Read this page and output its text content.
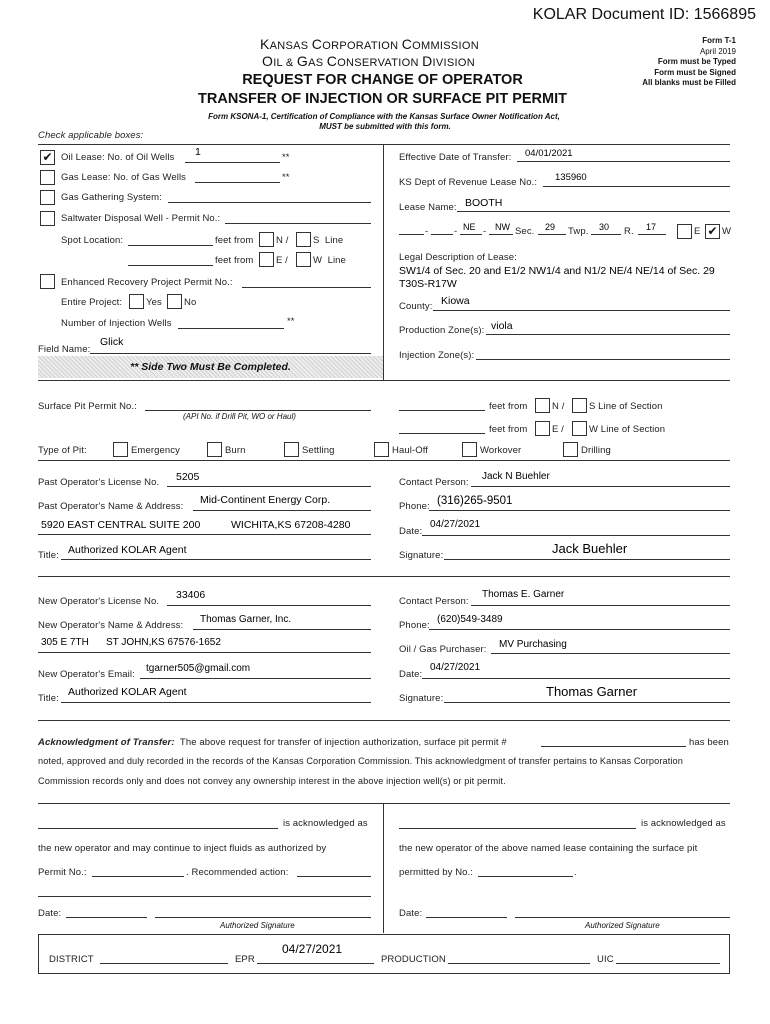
KOLAR Document ID: 1566895
KANSAS CORPORATION COMMISSION
OIL & GAS CONSERVATION DIVISION
Form T-1
April 2019
Form must be Typed
Form must be Signed
All blanks must be Filled
REQUEST FOR CHANGE OF OPERATOR
TRANSFER OF INJECTION OR SURFACE PIT PERMIT
Form KSONA-1, Certification of Compliance with the Kansas Surface Owner Notification Act,
MUST be submitted with this form.
Check applicable boxes:
✔ Oil Lease: No. of Oil Wells 1	**
Gas Lease: No. of Gas Wells	**
Gas Gathering System:
Saltwater Disposal Well - Permit No.:
Spot Location:	feet from N /	S Line
feet from E /	W Line
Enhanced Recovery Project Permit No.:
Entire Project:	Yes No
Number of Injection Wells	**
Field Name:
Glick
** Side Two Must Be Completed.
Effective Date of Transfer: 04/01/2021
KS Dept of Revenue Lease No.: 135960
Lease Name: BOOTH
-	- NE - NW Sec. 29 Twp. 30 R. 17	E ✔ W
Legal Description of Lease:
SW1/4 of Sec. 20 and E1/2 NW1/4 and N1/2 NE/4 NE/14 of Sec. 29
T30S-R17W
County: Kiowa
Production Zone(s): viola
Injection Zone(s):
Surface Pit Permit No.:
(API No. if Drill Pit, WO or Haul)
feet from	N /	S Line of Section
feet from	E /	W Line of Section
Type of Pit:	Emergency	Burn	Settling	Haul-Off	Workover	Drilling
Past Operator's License No. 5205	Contact Person:
Jack N Buehler
Past Operator's Name & Address:
Mid-Continent Energy Corp.
Phone: (316)265-9501
5920 EAST CENTRAL SUITE 200	WICHITA,KS 67208-4280
Date:
04/27/2021
Title: Authorized KOLAR Agent	Signature:	Jack Buehler
New Operator's License No.
33406
Contact Person:
Thomas E. Garner
New Operator's Name & Address:
Thomas Garner, Inc.
Phone:
(620)549-3489
305 E 7TH ST JOHN,KS 67576-1652
Oil / Gas Purchaser: MV Purchasing
New Operator's Email:
tgarner505@gmail.com
Date:
04/27/2021
Title:
Authorized KOLAR Agent
Signature:	Thomas Garner
Acknowledgment of Transfer: The above request for transfer of injection authorization, surface pit permit #	has been
noted, approved and duly recorded in the records of the Kansas Corporation Commission. This acknowledgment of transfer pertains to Kansas Corporation
Commission records only and does not convey any ownership interest in the above injection well(s) or pit permit.
is acknowledged as
the new operator and may continue to inject fluids as authorized by
Permit No.:	. Recommended action:
Date:
Authorized Signature
is acknowledged as
the new operator of the above named lease containing the surface pit
permitted by No.:	.
Date:
Authorized Signature
DISTRICT	EPR
04/27/2021
PRODUCTION	UIC
